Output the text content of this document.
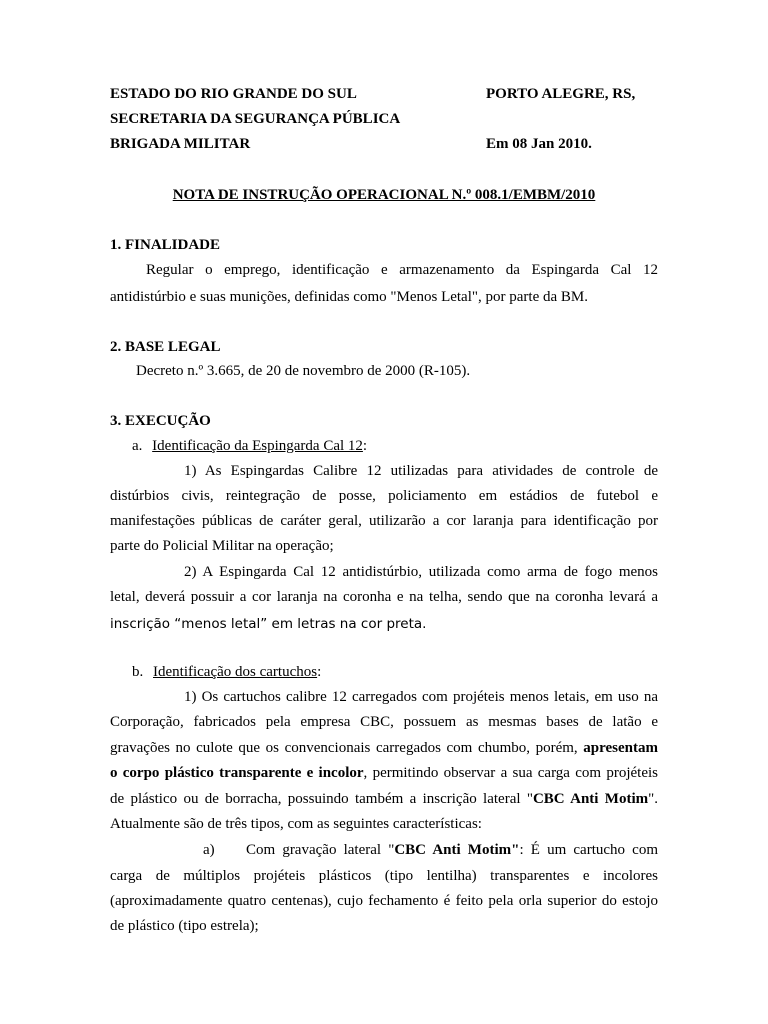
ESTADO DO RIO GRANDE DO SUL	PORTO ALEGRE, RS,
SECRETARIA DA SEGURANÇA PÚBLICA
BRIGADA MILITAR	Em 08 Jan 2010.
NOTA DE INSTRUÇÃO OPERACIONAL N.º 008.1/EMBM/2010
1. FINALIDADE
Regular o emprego, identificação e armazenamento da Espingarda Cal 12
antidistúrbio e suas munições, definidas como "Menos Letal", por parte da BM.
2. BASE LEGAL
Decreto n.º 3.665, de 20 de novembro de 2000 (R-105).
3. EXECUÇÃO
a. Identificação da Espingarda Cal 12:
1) As Espingardas Calibre 12 utilizadas para atividades de controle de
distúrbios civis, reintegração de posse, policiamento em estádios de futebol e
manifestações públicas de caráter geral, utilizarão a cor laranja para identificação por
parte do Policial Militar na operação;
2) A Espingarda Cal 12 antidistúrbio, utilizada como arma de fogo menos
letal, deverá possuir a cor laranja na coronha e na telha, sendo que na coronha levará a
inscrição “menos letal” em letras na cor preta.
b. Identificação dos cartuchos:
1) Os cartuchos calibre 12 carregados com projéteis menos letais, em uso na
Corporação, fabricados pela empresa CBC, possuem as mesmas bases de latão e
gravações no culote que os convencionais carregados com chumbo, porém, apresentam
o corpo plástico transparente e incolor, permitindo observar a sua carga com projéteis
de plástico ou de borracha, possuindo também a inscrição lateral "CBC Anti Motim".
Atualmente são de três tipos, com as seguintes características:
a) Com gravação lateral "CBC Anti Motim": É um cartucho com
carga de múltiplos projéteis plásticos (tipo lentilha) transparentes e incolores
(aproximadamente quatro centenas), cujo fechamento é feito pela orla superior do estojo
de plástico (tipo estrela);
